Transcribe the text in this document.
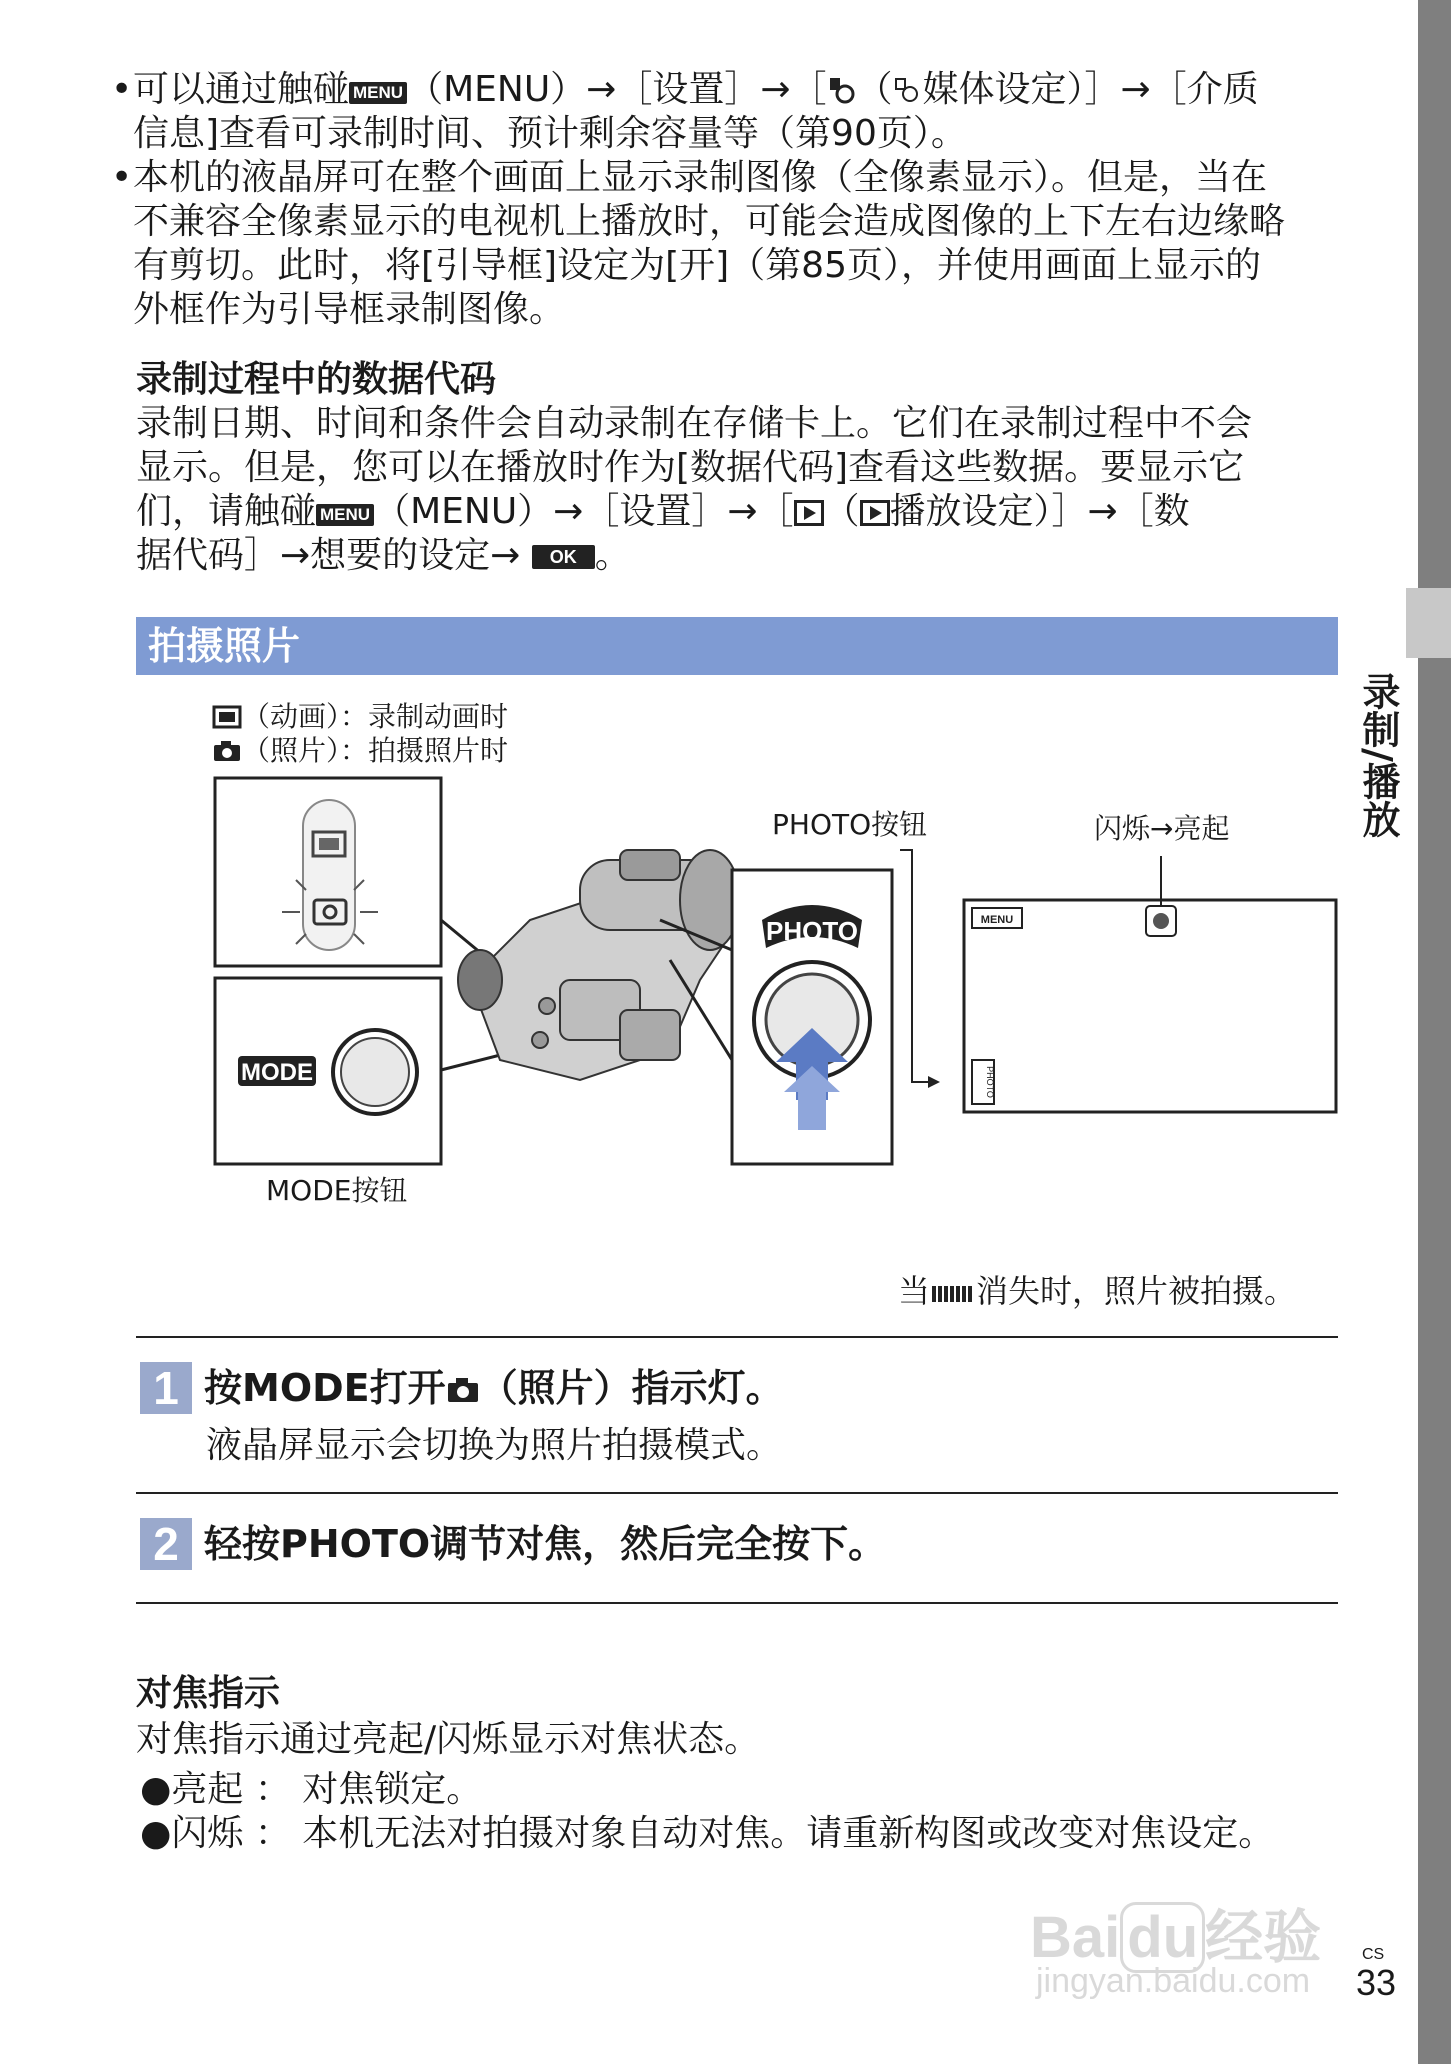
录制/播放
• 可以通过触碰 MENU （MENU）→［设置］→［ （ 媒体设定）］→［介质
信息]查看可录制时间、预计剩余容量等（第90页）。
• 本机的液晶屏可在整个画面上显示录制图像（全像素显示）。但是，当在
不兼容全像素显示的电视机上播放时，可能会造成图像的上下左右边缘略
有剪切。此时，将[引导框]设定为[开]（第85页），并使用画面上显示的
外框作为引导框录制图像。
录制过程中的数据代码
录制日期、时间和条件会自动录制在存储卡上。它们在录制过程中不会
显示。但是，您可以在播放时作为[数据代码]查看这些数据。要显示它
们，请触碰 MENU （MENU）→［设置］→［ （ 播放设定）］→［数
据代码］→想要的设定→ OK 。
拍摄照片
（动画）：录制动画时
（照片）：拍摄照片时
MODE
PHOTO	MENU
PHOTO
PHOTO按钮	闪烁→亮起
MODE按钮
当 消失时，照片被拍摄。
1 按MODE打开 （照片）指示灯。
液晶屏显示会切换为照片拍摄模式。
2 轻按PHOTO调节对焦，然后完全按下。
对焦指示
对焦指示通过亮起/闪烁显示对焦状态。
●亮起 ： 对焦锁定。
●闪烁 ： 本机无法对拍摄对象自动对焦。请重新构图或改变对焦设定。
Bai du 经验
jingyan.baidu.com
CS
33
